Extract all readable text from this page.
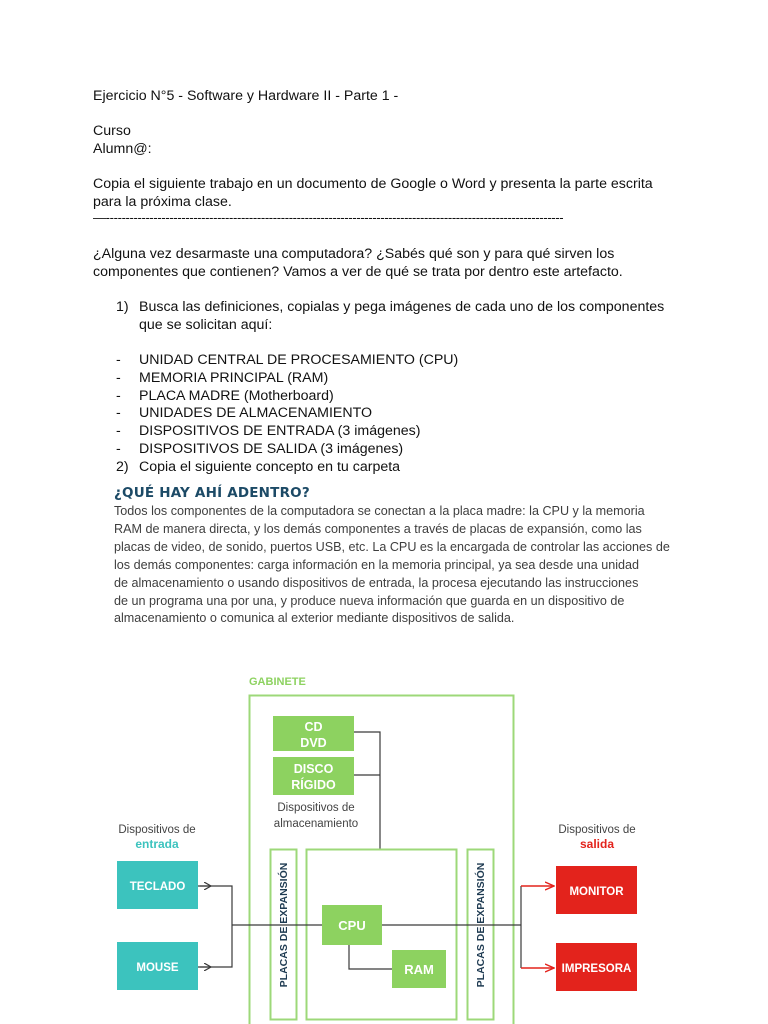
Ejercicio N°5 - Software y Hardware II - Parte 1 -
Curso
Alumn@:
Copia el siguiente trabajo en un documento de Google o Word y presenta la parte escrita
para la próxima clase.
—-------------------------------------------------------------------------------------------------------------------
¿Alguna vez desarmaste una computadora? ¿Sabés qué son y para qué sirven los
componentes que contienen? Vamos a ver de qué se trata por dentro este artefacto.
1) Busca las definiciones, copialas y pega imágenes de cada uno de los componentes
que se solicitan aquí:
- UNIDAD CENTRAL DE PROCESAMIENTO (CPU)
- MEMORIA PRINCIPAL (RAM)
- PLACA MADRE (Motherboard)
- UNIDADES DE ALMACENAMIENTO
- DISPOSITIVOS DE ENTRADA (3 imágenes)
- DISPOSITIVOS DE SALIDA (3 imágenes)
2) Copia el siguiente concepto en tu carpeta
¿QUÉ HAY AHÍ ADENTRO?
Todos los componentes de la computadora se conectan a la placa madre: la CPU y la memoria
RAM de manera directa, y los demás componentes a través de placas de expansión, como las
placas de video, de sonido, puertos USB, etc. La CPU es la encargada de controlar las acciones de
los demás componentes: carga información en la memoria principal, ya sea desde una unidad
de almacenamiento o usando dispositivos de entrada, la procesa ejecutando las instrucciones
de un programa una por una, y produce nueva información que guarda en un dispositivo de
almacenamiento o comunica al exterior mediante dispositivos de salida.
GABINETE
CD
DVD
DISCO
RÍGIDO
Dispositivos de
almacenamiento
PLACAS DE EXPANSIÓN	PLACAS DE EXPANSIÓN
CPU
RAM
Dispositivos de
entrada
TECLADO
MOUSE
Dispositivos de
salida
MONITOR
IMPRESORA
